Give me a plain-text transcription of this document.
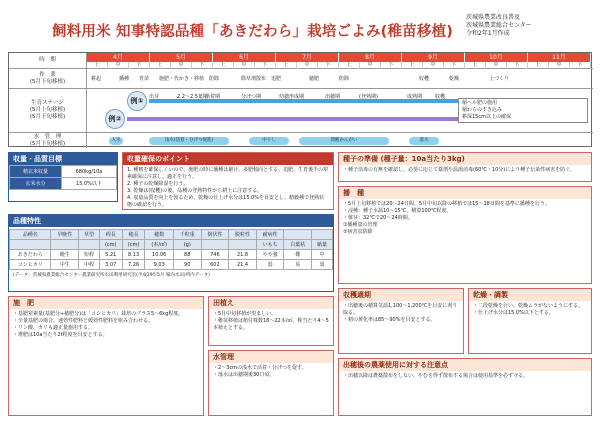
飼料用米 知事特認品種「あきだわら」栽培ごよみ(稚苗移植)
茨城県農業改良普及
茨城県農業総合センター
令和2年1月作成
時　期
作　業
(5月下旬移植)
生育ステージ
(5月上旬移植)
(5月下旬移植)
水　管　理
(5月下旬移植)
4月
上	中	下
5月
上	中	下
6月
上	中	下
7月
上	中	下
8月
上	中	下
9月
上	中	下
10月
上	中	下
11月
上	中	下
例①
例②
耕起	播種 育苗 施肥・代かき・移植 防除	除草剤散布 追肥	穂肥	防除	収穫	乾燥	土づくり
出芽	2.2～2.5葉期
活着期	分げつ期	幼穂形成期	出穂期	(登熟期)	成熟期	収穫
入水	浅水(活着・分げつ促進)	中干し	間断かんがい	落水
稲ヘル肥の施用
稲わらのすき込み
耕深15cm以上の確保
収量・品質目標
精玄米収量	680kg/10a
玄米水分	15.0%以下
収量確保のポイント
1. 種籾を確保しくいので、施肥の時に播種は避け、多肥傾向とする。追肥、生育後半の窒素確保に注意し、適正を行う。
2. 種子の乾燥除湿を行う。
3. 乾燥は(収穫)の後、品種の登熟特性から耕土に注意する。
4. 収量品質を向上を図るため、乾燥の仕上げ水分は15.0%を目安とし、精穀種で登熟状態の確認を行う。
品種特性
品種名	早晩性	草型	稈長	穂長	穂数	千粒重	倒伏性	脱粒性	耐病性		
			(cm)	(cm)	(本/㎡)	(g)			いもち	白葉枯	縞葉
あきだわら	晩生	短稈	5.21	8.13	10.06	88	746	21.8	やや強	難	中
コシヒカリ	中生	中稈	3.07	7.26	9.03	90	602	21.4	弱	易	弱
(データ：茨城県農業総合センター農業研究所水田利用研究室(平成29年5月 場内水田)所内データ)
種子の準備 (種子量：10a当たり3kg)
・種子消毒の有無を確認し、必要に応じて薬剤や温湯消毒(60℃・10分)により種子伝染性病害を防ぐ。
播　種
・5月上旬移植では20～24日間、5月中旬以降の移植では15～18日間を基準に播種を行う。
・浸種：種子水温10～15℃、積算100℃程度。
・催芽：32℃で20～24時間。
①播種量の管理
②病害虫防除
施　肥
・基肥窒素量(基肥分+穂肥分)は「コシヒカリ」栽培のプラス5～6kg程度。
・全量基肥の場合、速効性肥料と緩効性肥料を組み合わせる。
・リン酸、カリも適正量施用する。
・堆肥は10a当たり2t程度を目安とする。
田植え
・5月中旬移植が望ましい。
・稚苗移植は植付株数18～22本/㎡、株当たり4～5本植えとする。
水管理
・2～3cmの浅水で活着・分げつを促す。
・落水は出穂期後30日頃。
収穫適期
・出穂後の積算気温1,100～1,200℃を目安に刈り取る。
・籾の黄化率は85～90%を目安とする。
乾燥・調製
・二段乾燥を行い、乾燥ムラがないようにする。
・仕上げ水分は15.0%以下とする。
出穂後の農薬使用に対する注意点
・出穂以降は農薬散布をしない。やむを得ず散布する場合は使用基準を必ず守る。
